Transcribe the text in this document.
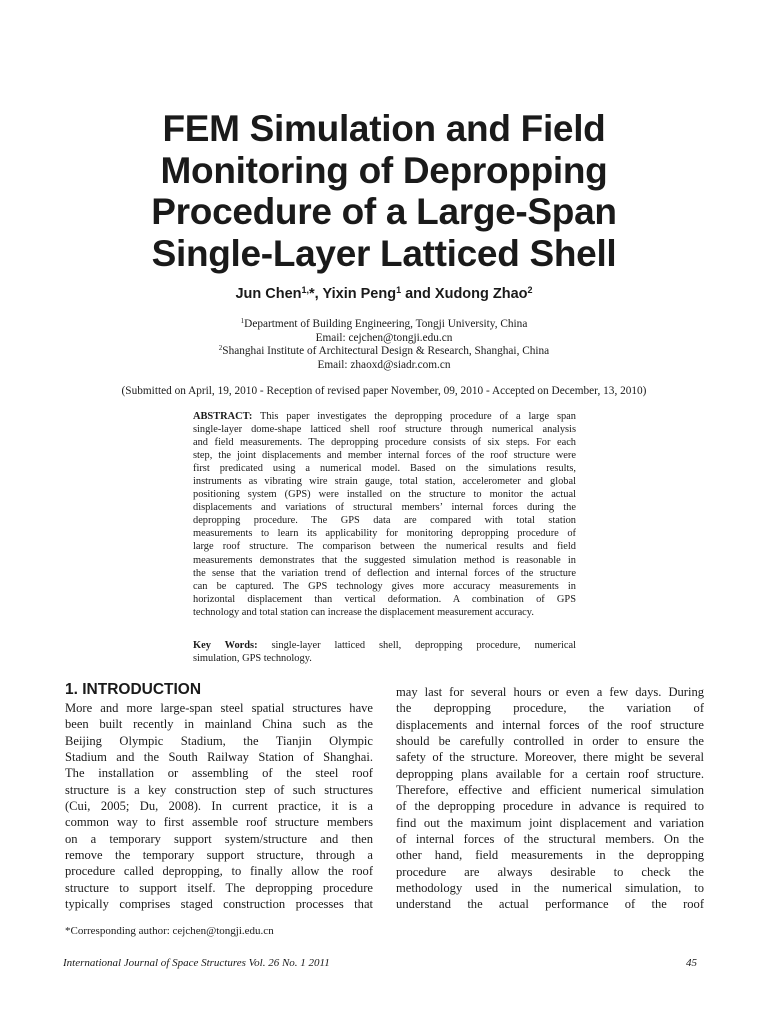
FEM Simulation and Field
Monitoring of Depropping
Procedure of a Large-Span
Single-Layer Latticed Shell
Jun Chen$^{1,}$*, Yixin Peng$^1$ and Xudong Zhao$^2$
$^1$Department of Building Engineering, Tongji University, China
Email: cejchen@tongji.edu.cn
$^2$Shanghai Institute of Architectural Design & Research, Shanghai, China
Email: zhaoxd@siadr.com.cn
(Submitted on April, 19, 2010 - Reception of revised paper November, 09, 2010 - Accepted on December, 13, 2010)
ABSTRACT: This paper investigates the depropping procedure of a large span
single-layer dome-shape latticed shell roof structure through numerical analysis
and field measurements. The depropping procedure consists of six steps. For each
step, the joint displacements and member internal forces of the roof structure were
first predicated using a numerical model. Based on the simulations results,
instruments as vibrating wire strain gauge, total station, accelerometer and global
positioning system (GPS) were installed on the structure to monitor the actual
displacements and variations of structural members’ internal forces during the
depropping procedure. The GPS data are compared with total station
measurements to learn its applicability for monitoring depropping procedure of
large roof structure. The comparison between the numerical results and field
measurements demonstrates that the suggested simulation method is reasonable in
the sense that the variation trend of deflection and internal forces of the structure
can be captured. The GPS technology gives more accuracy measurements in
horizontal displacement than vertical deformation. A combination of GPS
technology and total station can increase the displacement measurement accuracy.
Key Words: single-layer latticed shell, depropping procedure, numerical
simulation, GPS technology.
1. INTRODUCTION
More and more large-span steel spatial structures have
been built recently in mainland China such as the
Beijing Olympic Stadium, the Tianjin Olympic
Stadium and the South Railway Station of Shanghai.
The installation or assembling of the steel roof
structure is a key construction step of such structures
(Cui, 2005; Du, 2008). In current practice, it is a
common way to first assemble roof structure members
on a temporary support system/structure and then
remove the temporary support structure, through a
procedure called depropping, to finally allow the roof
structure to support itself. The depropping procedure
typically comprises staged construction processes that
may last for several hours or even a few days. During
the depropping procedure, the variation of
displacements and internal forces of the roof structure
should be carefully controlled in order to ensure the
safety of the structure. Moreover, there might be several
depropping plans available for a certain roof structure.
Therefore, effective and efficient numerical simulation
of the depropping procedure in advance is required to
find out the maximum joint displacement and variation
of internal forces of the structural members. On the
other hand, field measurements in the depropping
procedure are always desirable to check the
methodology used in the numerical simulation, to
understand the actual performance of the roof
*Corresponding author: cejchen@tongji.edu.cn
International Journal of Space Structures Vol. 26 No. 1 2011	45
